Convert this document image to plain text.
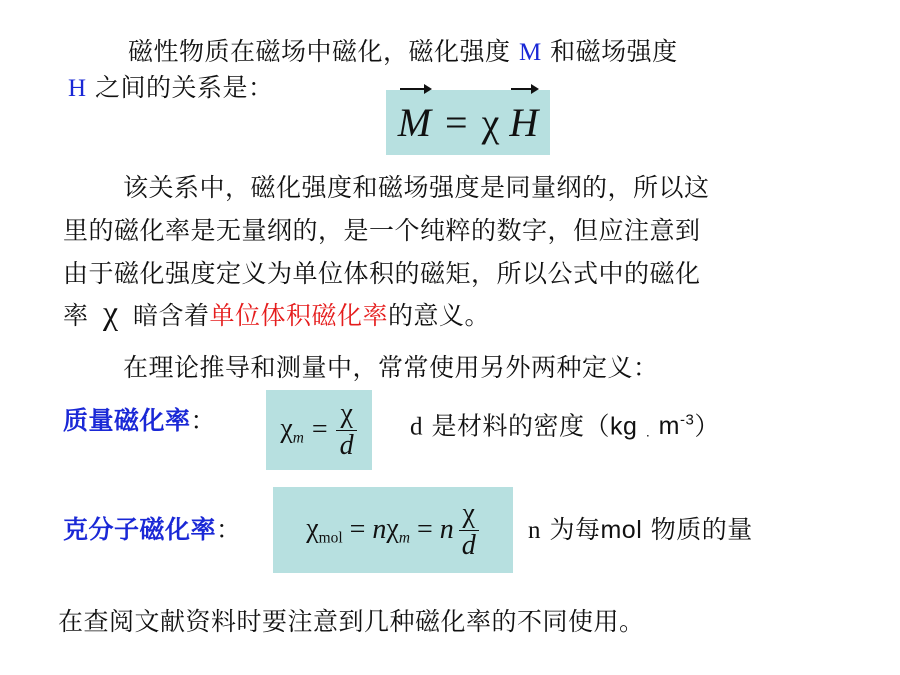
磁性物质在磁场中磁化，磁化强度 M 和磁场强度
H 之间的关系是：
M = χ H
该关系中，磁化强度和磁场强度是同量纲的，所以这
里的磁化率是无量纲的，是一个纯粹的数字，但应注意到
由于磁化强度定义为单位体积的磁矩，所以公式中的磁化
率 χ 暗含着单位体积磁化率的意义。
在理论推导和测量中，常常使用另外两种定义：
质量磁化率： $\chi_m = \frac{\chi}{d}$ d 是材料的密度（kg . $m^{-3}$）
克分子磁化率： χmol = n $\chi_m = n \frac{\chi}{d}$ n 为每mol 物质的量
在查阅文献资料时要注意到几种磁化率的不同使用。
